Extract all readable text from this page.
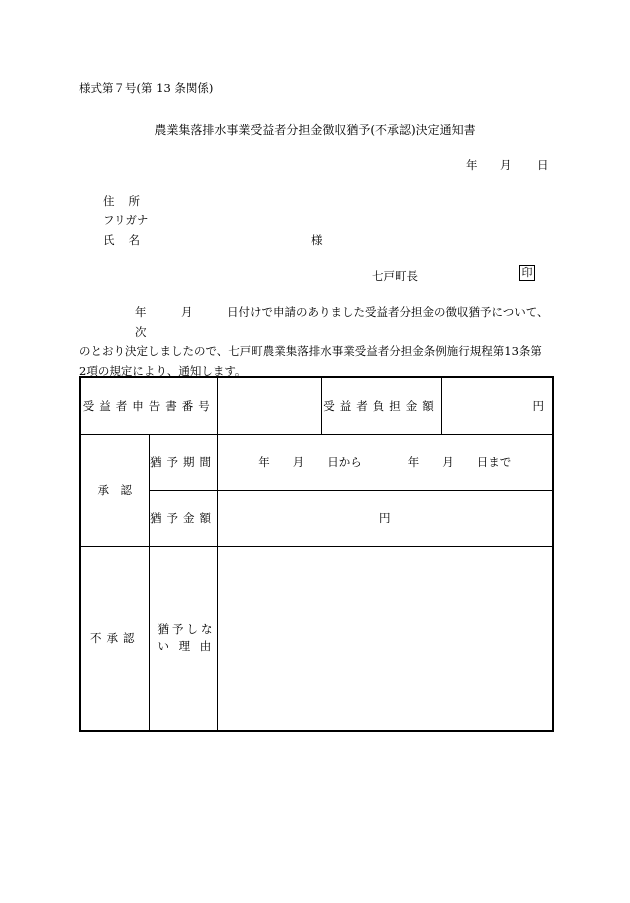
様式第７号(第 13 条関係)
農業集落排水事業受益者分担金徴収猶予(不承認)決定通知書
年 月 日
住所
フリガナ
氏名	様
七戸町長	印
年　　　	月　　　	日付けで申請のありました受益者分担金の徴収猶予について、次
のとおり決定しましたので、七戸町農業集落排水事業受益者分担金条例施行規程第13条第
2項の規定により、通知します。
受益者申告書番号			受益者負担金額	円
承　認	猶予期間	年　　月　　日から　　　　年　　月　　日まで		
	猶予金額	円		
不承認	猶予しな
い 理 由			
